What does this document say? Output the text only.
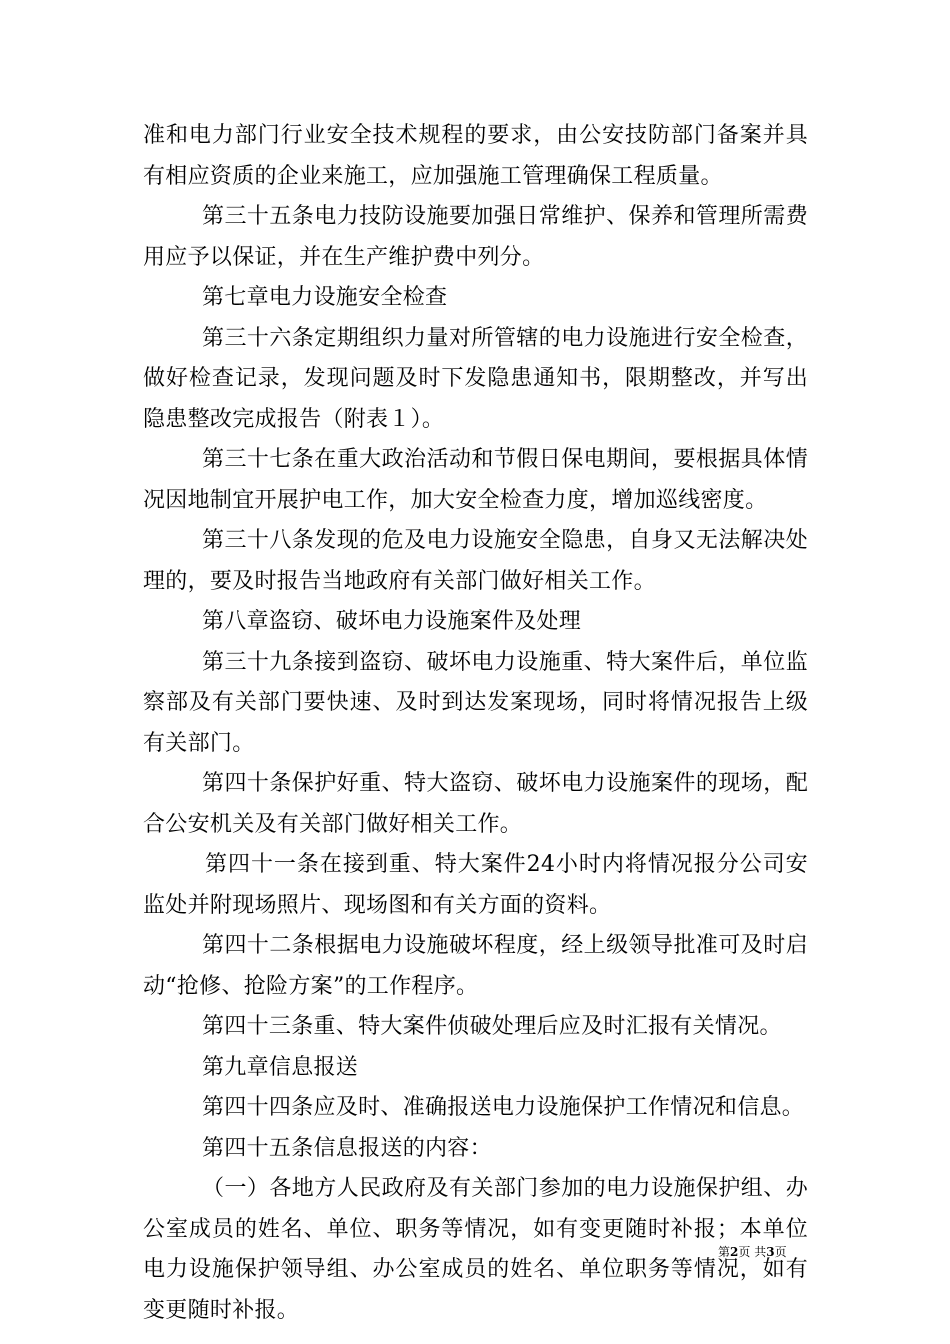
准和电力部门行业安全技术规程的要求，由公安技防部门备案并具有相应资质的企业来施工，应加强施工管理确保工程质量。

第三十五条电力技防设施要加强日常维护、保养和管理所需费用应予以保证，并在生产维护费中列分。

第七章电力设施安全检查

第三十六条定期组织力量对所管辖的电力设施进行安全检查，做好检查记录，发现问题及时下发隐患通知书，限期整改，并写出隐患整改完成报告（附表１）。

第三十七条在重大政治活动和节假日保电期间，要根据具体情况因地制宜开展护电工作，加大安全检查力度，增加巡线密度。

第三十八条发现的危及电力设施安全隐患，自身又无法解决处理的，要及时报告当地政府有关部门做好相关工作。

第八章盗窃、破坏电力设施案件及处理

第三十九条接到盗窃、破坏电力设施重、特大案件后，单位监察部及有关部门要快速、及时到达发案现场，同时将情况报告上级有关部门。

第四十条保护好重、特大盗窃、破坏电力设施案件的现场，配合公安机关及有关部门做好相关工作。

第四十一条在接到重、特大案件24小时内将情况报分公司安监处并附现场照片、现场图和有关方面的资料。

第四十二条根据电力设施破坏程度，经上级领导批准可及时启动“抢修、抢险方案”的工作程序。

第四十三条重、特大案件侦破处理后应及时汇报有关情况。

第九章信息报送

第四十四条应及时、准确报送电力设施保护工作情况和信息。

第四十五条信息报送的内容：

（一）各地方人民政府及有关部门参加的电力设施保护组、办公室成员的姓名、单位、职务等情况，如有变更随时补报；本单位电力设施保护领导组、办公室成员的姓名、单位职务等情况，如有变更随时补报。

第2页 共3页
